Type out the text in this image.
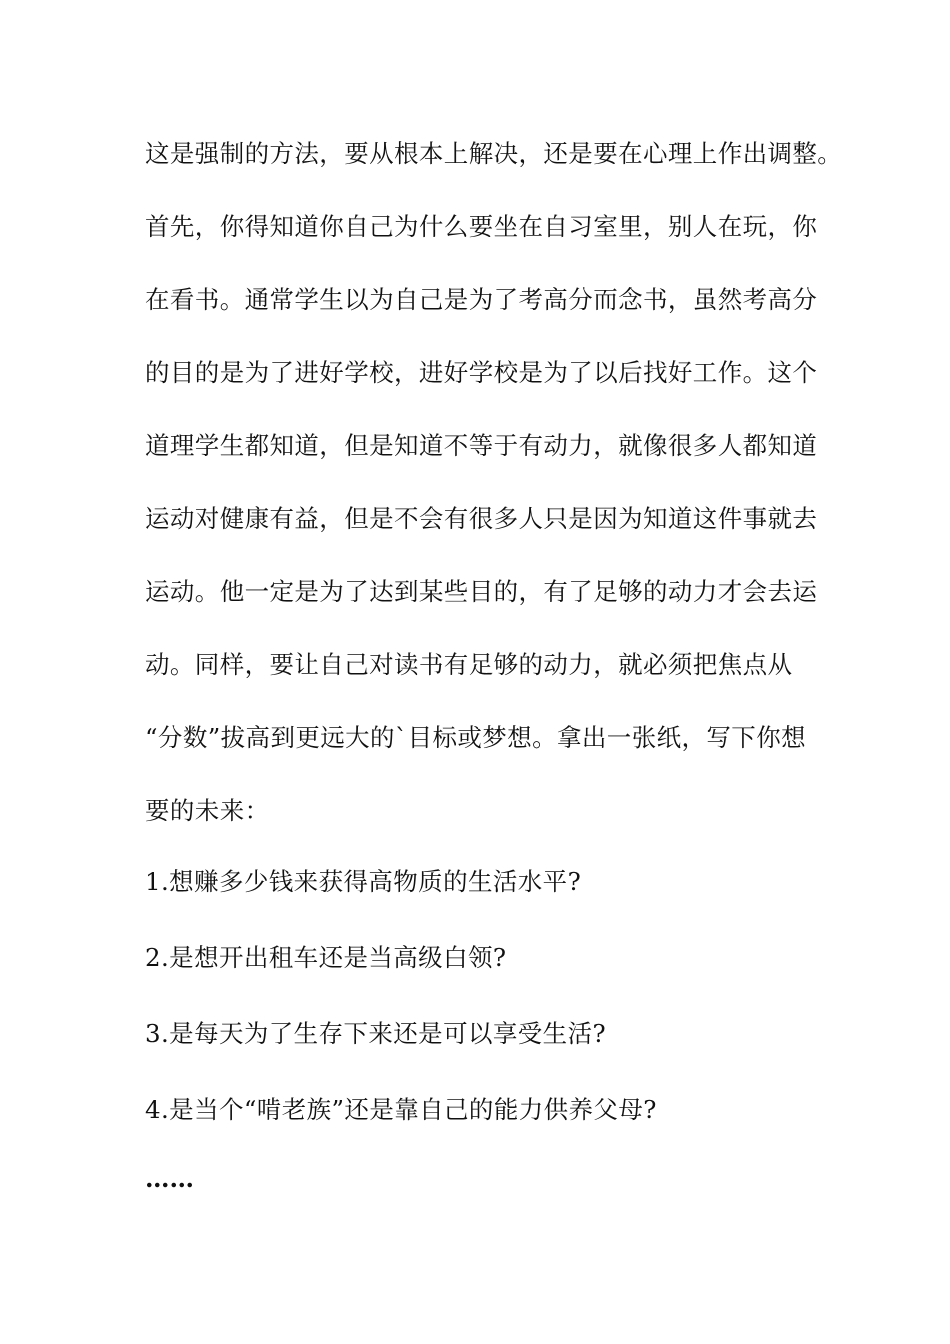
这是强制的方法，要从根本上解决，还是要在心理上作出调整。
首先，你得知道你自己为什么要坐在自习室里，别人在玩，你
在看书。通常学生以为自己是为了考高分而念书，虽然考高分
的目的是为了进好学校，进好学校是为了以后找好工作。这个
道理学生都知道，但是知道不等于有动力，就像很多人都知道
运动对健康有益，但是不会有很多人只是因为知道这件事就去
运动。他一定是为了达到某些目的，有了足够的动力才会去运
动。同样，要让自己对读书有足够的动力，就必须把焦点从
“分数”拔高到更远大的`目标或梦想。拿出一张纸，写下你想
要的未来：
1.想赚多少钱来获得高物质的生活水平?
2.是想开出租车还是当高级白领?
3.是每天为了生存下来还是可以享受生活?
4.是当个“啃老族”还是靠自己的能力供养父母?
……
